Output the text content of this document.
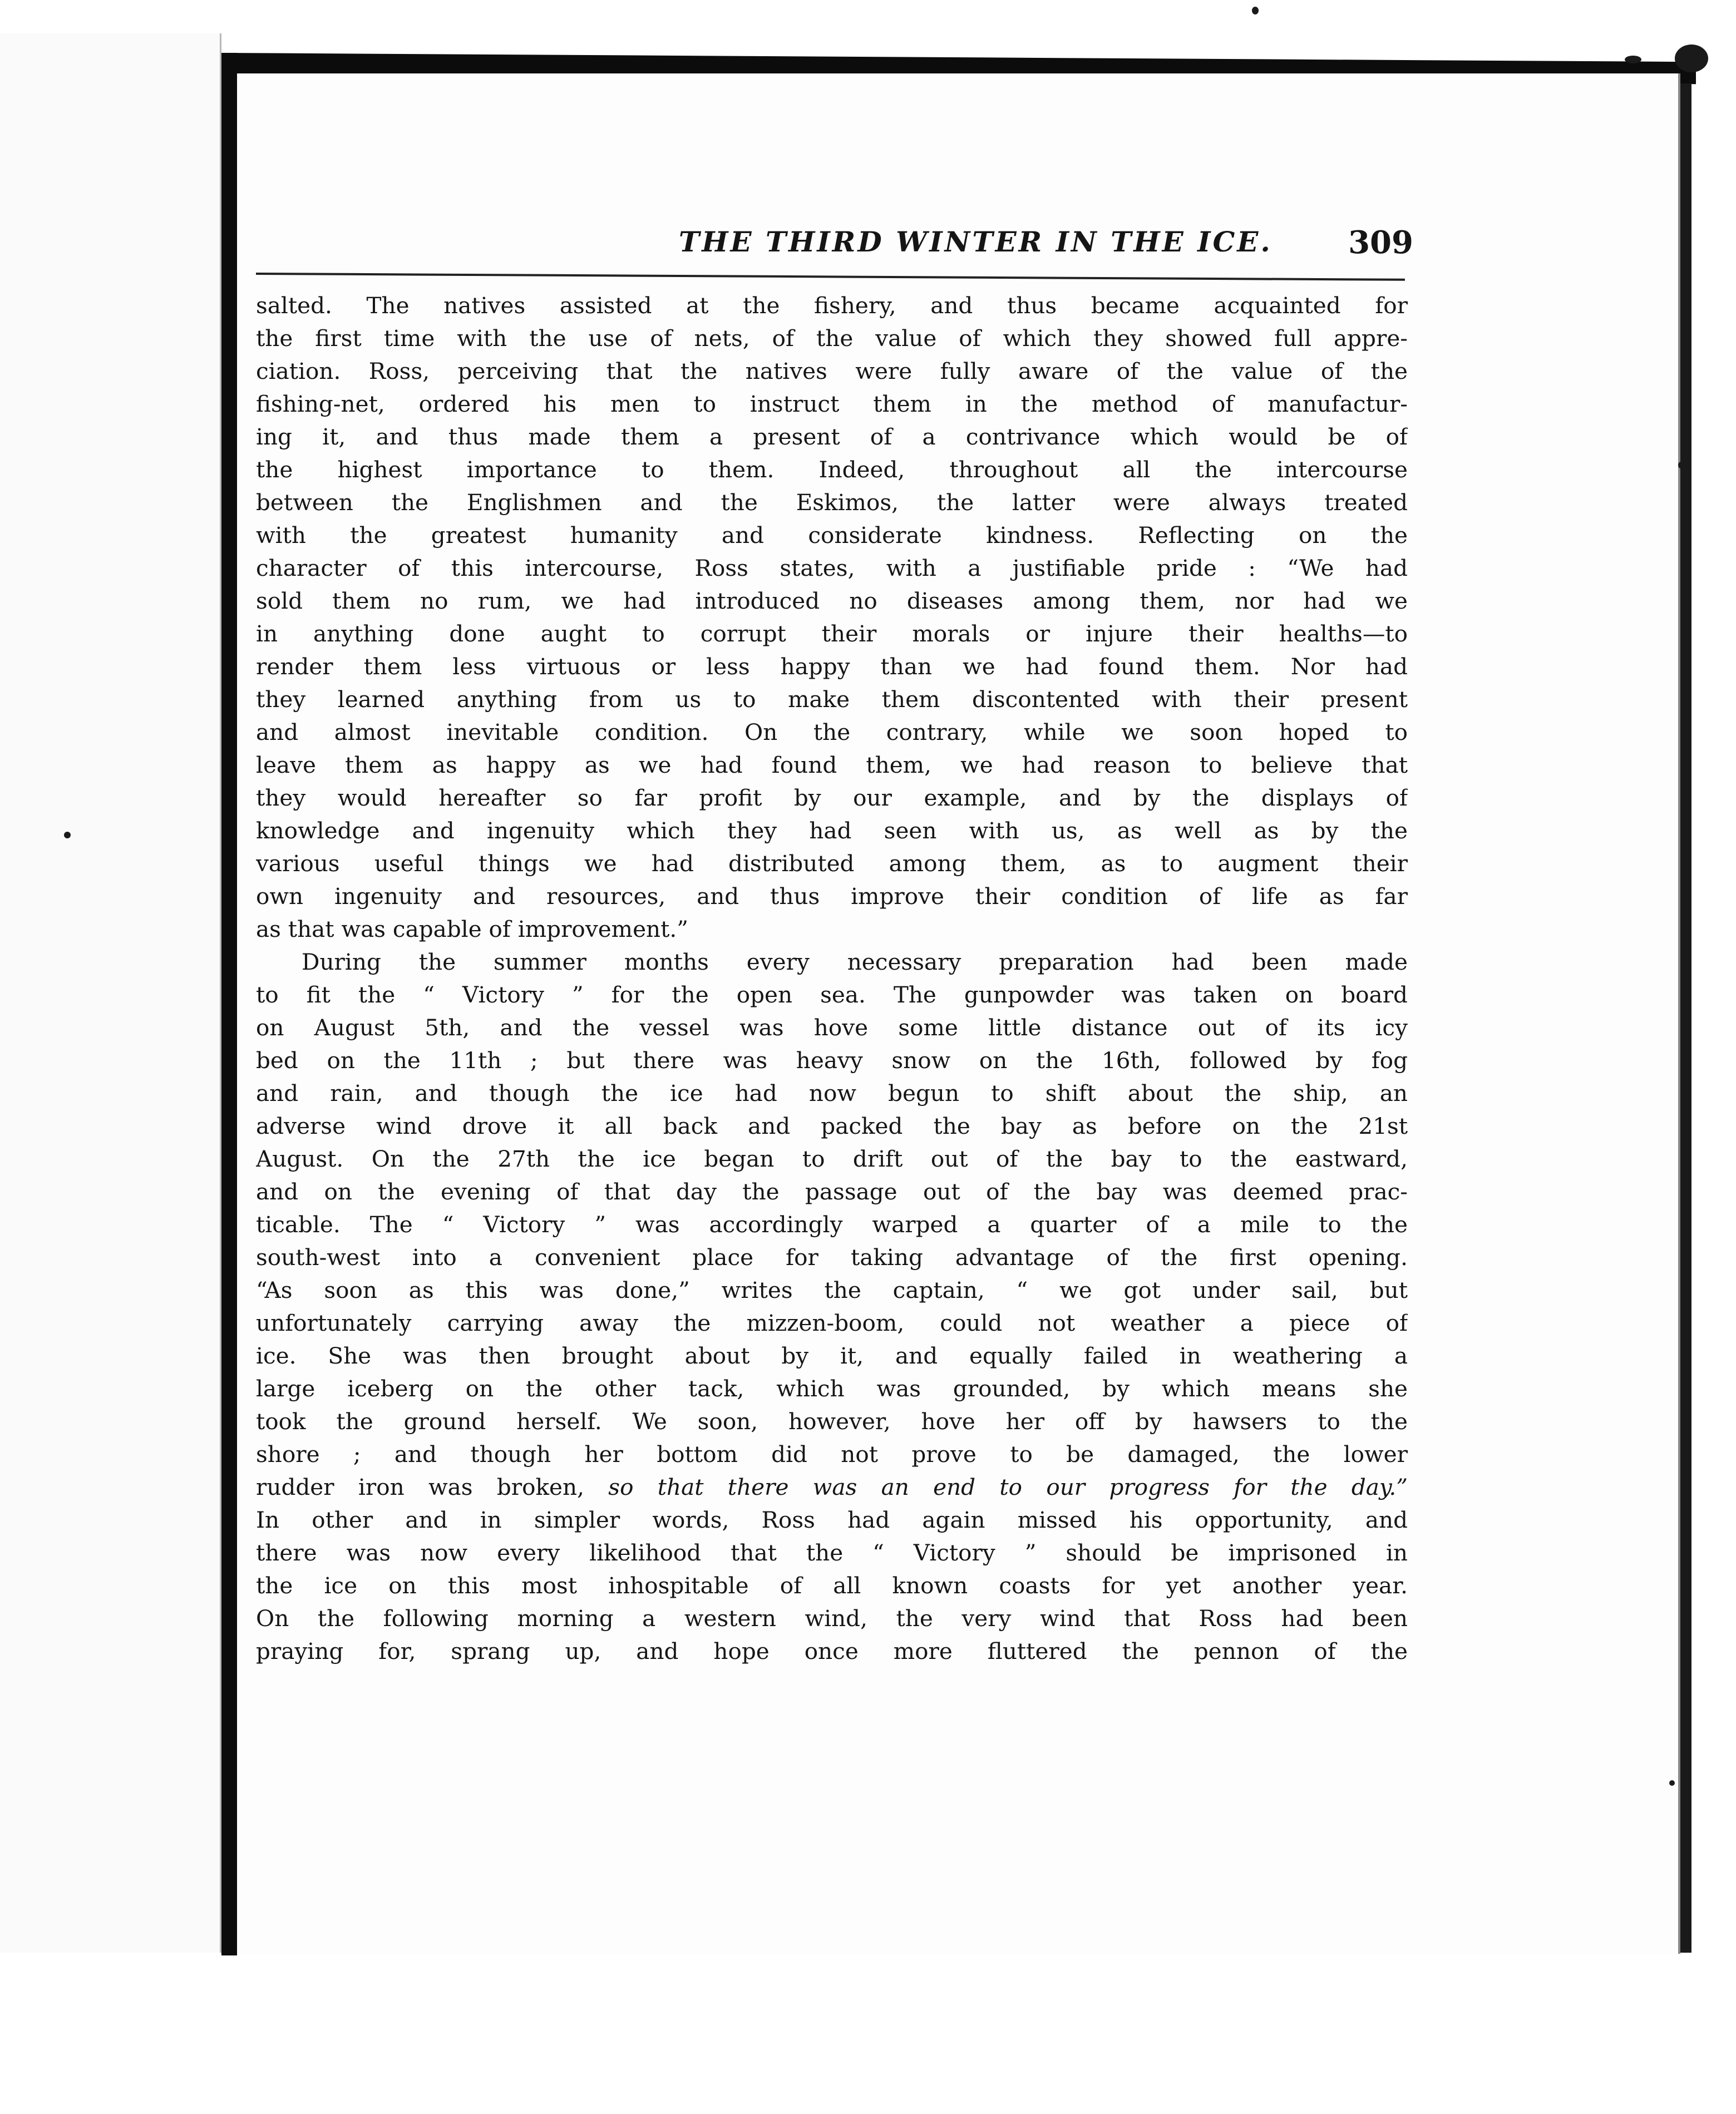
THE THIRD WINTER IN THE ICE. 309
salted. The natives assisted at the fishery, and thus became acquainted for
the first time with the use of nets, of the value of which they showed full appre-
ciation. Ross, perceiving that the natives were fully aware of the value of the
fishing-net, ordered his men to instruct them in the method of manufactur-
ing it, and thus made them a present of a contrivance which would be of
the highest importance to them. Indeed, throughout all the intercourse
between the Englishmen and the Eskimos, the latter were always treated
with the greatest humanity and considerate kindness. Reflecting on the
character of this intercourse, Ross states, with a justifiable pride : “We had
sold them no rum, we had introduced no diseases among them, nor had we
in anything done aught to corrupt their morals or injure their healths—to
render them less virtuous or less happy than we had found them. Nor had
they learned anything from us to make them discontented with their present
and almost inevitable condition. On the contrary, while we soon hoped to
leave them as happy as we had found them, we had reason to believe that
they would hereafter so far profit by our example, and by the displays of
knowledge and ingenuity which they had seen with us, as well as by the
various useful things we had distributed among them, as to augment their
own ingenuity and resources, and thus improve their condition of life as far
as that was capable of improvement.”
During the summer months every necessary preparation had been made
to fit the “ Victory ” for the open sea. The gunpowder was taken on board
on August 5th, and the vessel was hove some little distance out of its icy
bed on the 11th ; but there was heavy snow on the 16th, followed by fog
and rain, and though the ice had now begun to shift about the ship, an
adverse wind drove it all back and packed the bay as before on the 21st
August. On the 27th the ice began to drift out of the bay to the eastward,
and on the evening of that day the passage out of the bay was deemed prac-
ticable. The “ Victory ” was accordingly warped a quarter of a mile to the
south-west into a convenient place for taking advantage of the first opening.
“As soon as this was done,” writes the captain, “ we got under sail, but
unfortunately carrying away the mizzen-boom, could not weather a piece of
ice. She was then brought about by it, and equally failed in weathering a
large iceberg on the other tack, which was grounded, by which means she
took the ground herself. We soon, however, hove her off by hawsers to the
shore ; and though her bottom did not prove to be damaged, the lower
rudder iron was broken, so that there was an end to our progress for the day.”
In other and in simpler words, Ross had again missed his opportunity, and
there was now every likelihood that the “ Victory ” should be imprisoned in
the ice on this most inhospitable of all known coasts for yet another year.
On the following morning a western wind, the very wind that Ross had been
praying for, sprang up, and hope once more fluttered the pennon of the
